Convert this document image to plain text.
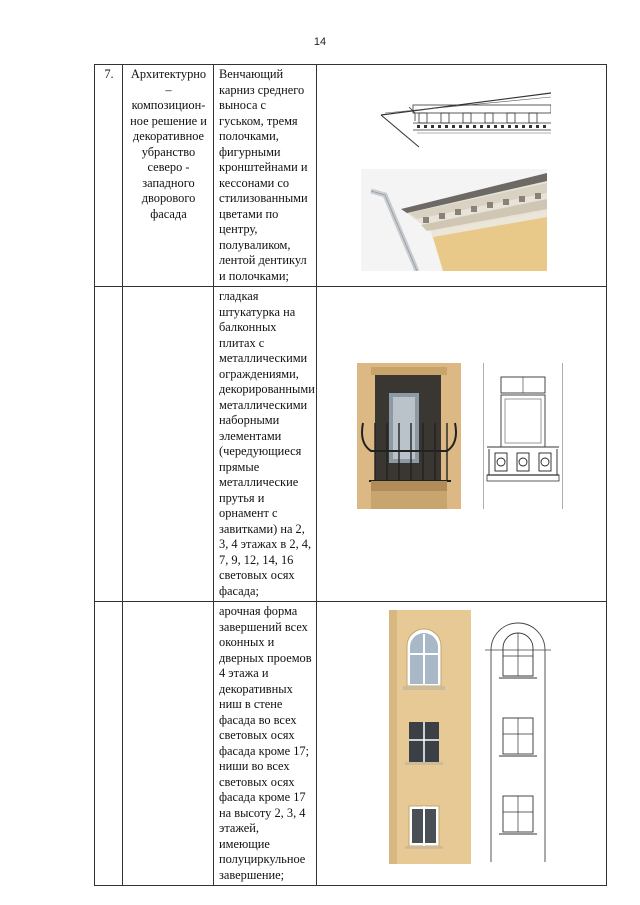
14
7.	Архитектурно – композицион-ное решение и декоративное убранство северо - западного дворового фасада	Венчающий карниз среднего выноса с гуськом, тремя полочками, фигурными кронштейнами и кессонами со стилизованными цветами по центру, полувaликом, лентой дентикул и полочками;	

		гладкая штукатурка на балконных плитах с металлическими ограждениями, декорированными металлическими наборными элементами (чередующиеся прямые металлические прутья и орнамент с завитками) на 2, 3, 4 этажах в 2, 4, 7, 9, 12, 14, 16 световых осях фасада;	

		арочная форма завершений всех оконных и дверных проемов 4 этажа и декоративных ниш в стене фасада во всех световых осях фасада кроме 17; ниши во всех световых осях фасада кроме 17 на высоту 2, 3, 4 этажей, имеющие полуциркульное завершение;	
